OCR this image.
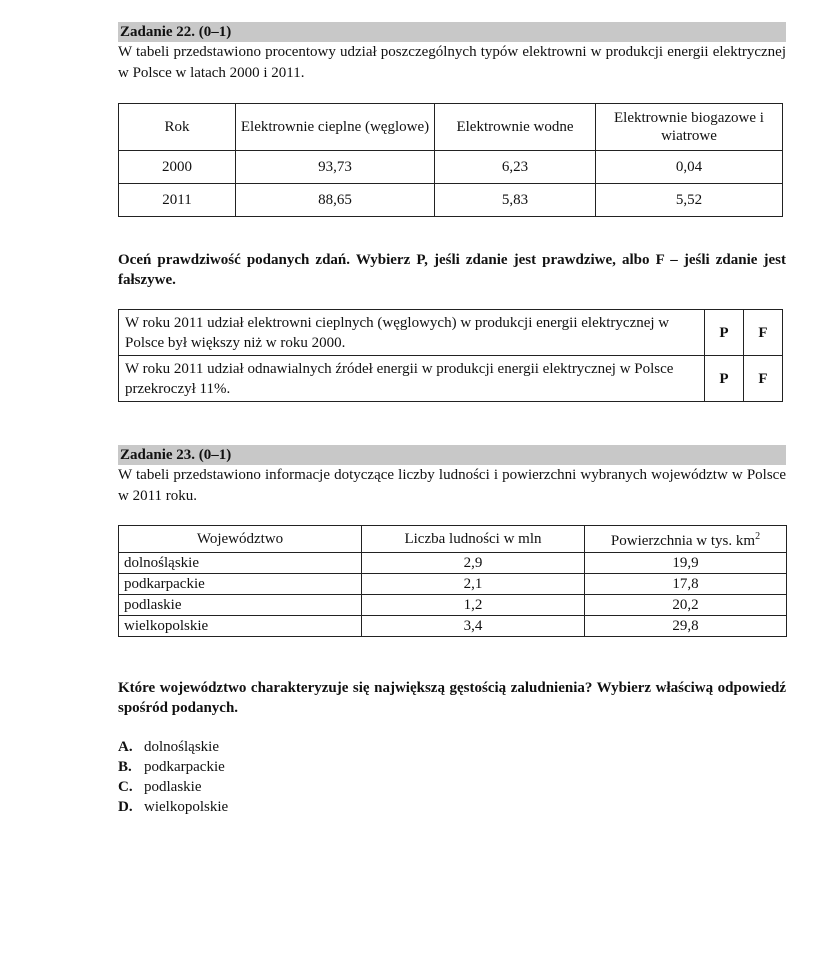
Zadanie 22. (0–1)
W tabeli przedstawiono procentowy udział poszczególnych typów elektrowni w produkcji energii elektrycznej w Polsce w latach 2000 i 2011.
Rok	Elektrownie cieplne (węglowe)	Elektrownie wodne	Elektrownie biogazowe i wiatrowe
2000	93,73	6,23	0,04
2011	88,65	5,83	5,52
Oceń prawdziwość podanych zdań. Wybierz P, jeśli zdanie jest prawdziwe, albo F – jeśli zdanie jest fałszywe.
W roku 2011 udział elektrowni cieplnych (węglowych) w produkcji energii elektrycznej w Polsce był większy niż w roku 2000.	P	F
W roku 2011 udział odnawialnych źródeł energii w produkcji energii elektrycznej w Polsce przekroczył 11%.	P	F
Zadanie 23. (0–1)
W tabeli przedstawiono informacje dotyczące liczby ludności i powierzchni wybranych województw w Polsce w 2011 roku.
Województwo	Liczba ludności w mln	Powierzchnia w tys. $km^2$
dolnośląskie	2,9	19,9
podkarpackie	2,1	17,8
podlaskie	1,2	20,2
wielkopolskie	3,4	29,8
Które województwo charakteryzuje się największą gęstością zaludnienia? Wybierz właściwą odpowiedź spośród podanych.
A. dolnośląskie
B. podkarpackie
C. podlaskie
D. wielkopolskie
